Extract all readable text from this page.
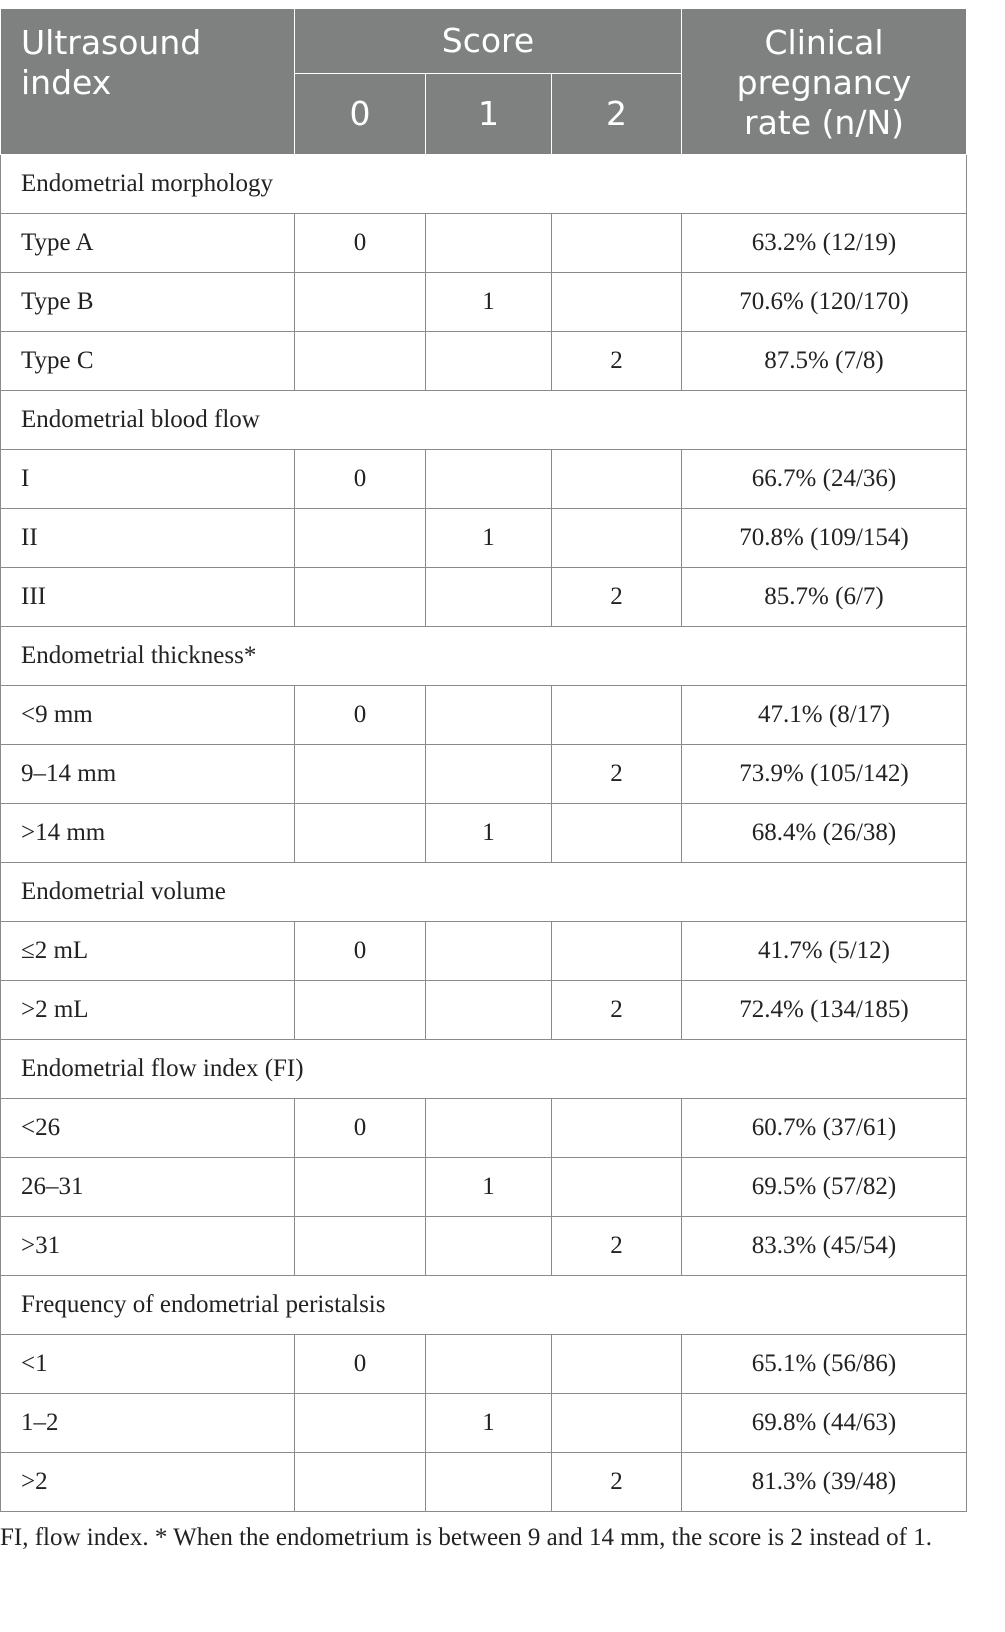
Ultrasound index	Score			Clinical pregnancy rate (n/N)

	0	1	2	
Endometrial morphology				
Type A	0			63.2% (12/19)
Type B		1		70.6% (120/170)
Type C			2	87.5% (7/8)
Endometrial blood flow				
I	0			66.7% (24/36)
II		1		70.8% (109/154)
III			2	85.7% (6/7)
Endometrial thickness*				
<9 mm	0			47.1% (8/17)
9–14 mm			2	73.9% (105/142)
>14 mm		1		68.4% (26/38)
Endometrial volume				
≤2 mL	0			41.7% (5/12)
>2 mL			2	72.4% (134/185)
Endometrial flow index (FI)				
<26	0			60.7% (37/61)
26–31		1		69.5% (57/82)
>31			2	83.3% (45/54)
Frequency of endometrial peristalsis				
<1	0			65.1% (56/86)
1–2		1		69.8% (44/63)
>2			2	81.3% (39/48)
FI, flow index. * When the endometrium is between 9 and 14 mm, the score is 2 instead of 1.
